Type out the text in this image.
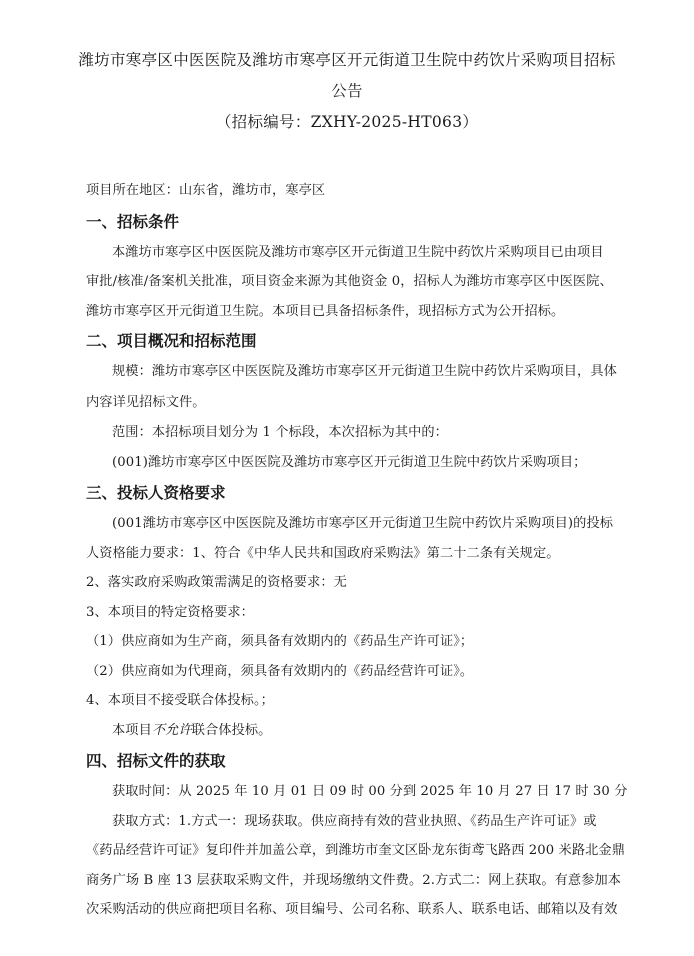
潍坊市寒亭区中医医院及潍坊市寒亭区开元街道卫生院中药饮片采购项目招标
公告
（招标编号：ZXHY-2025-HT063）
项目所在地区：山东省，潍坊市，寒亭区
一、招标条件
本潍坊市寒亭区中医医院及潍坊市寒亭区开元街道卫生院中药饮片采购项目已由项目
审批/核准/备案机关批准，项目资金来源为其他资金 0，招标人为潍坊市寒亭区中医医院、
潍坊市寒亭区开元街道卫生院。本项目已具备招标条件，现招标方式为公开招标。
二、项目概况和招标范围
规模：潍坊市寒亭区中医医院及潍坊市寒亭区开元街道卫生院中药饮片采购项目，具体
内容详见招标文件。
范围：本招标项目划分为 1 个标段，本次招标为其中的：
(001)潍坊市寒亭区中医医院及潍坊市寒亭区开元街道卫生院中药饮片采购项目；
三、投标人资格要求
(001潍坊市寒亭区中医医院及潍坊市寒亭区开元街道卫生院中药饮片采购项目)的投标
人资格能力要求：1、符合《中华人民共和国政府采购法》第二十二条有关规定。
2、落实政府采购政策需满足的资格要求：无
3、本项目的特定资格要求：
（1）供应商如为生产商，须具备有效期内的《药品生产许可证》；
（2）供应商如为代理商，须具备有效期内的《药品经营许可证》。
4、本项目不接受联合体投标。；
本项目不允许联合体投标。
四、招标文件的获取
获取时间：从 2025 年 10 月 01 日 09 时 00 分到 2025 年 10 月 27 日 17 时 30 分
获取方式：1.方式一：现场获取。供应商持有效的营业执照、《药品生产许可证》或
《药品经营许可证》复印件并加盖公章，到潍坊市奎文区卧龙东街鸢飞路西 200 米路北金鼎
商务广场 B 座 13 层获取采购文件，并现场缴纳文件费。2.方式二：网上获取。有意参加本
次采购活动的供应商把项目名称、项目编号、公司名称、联系人、联系电话、邮箱以及有效
